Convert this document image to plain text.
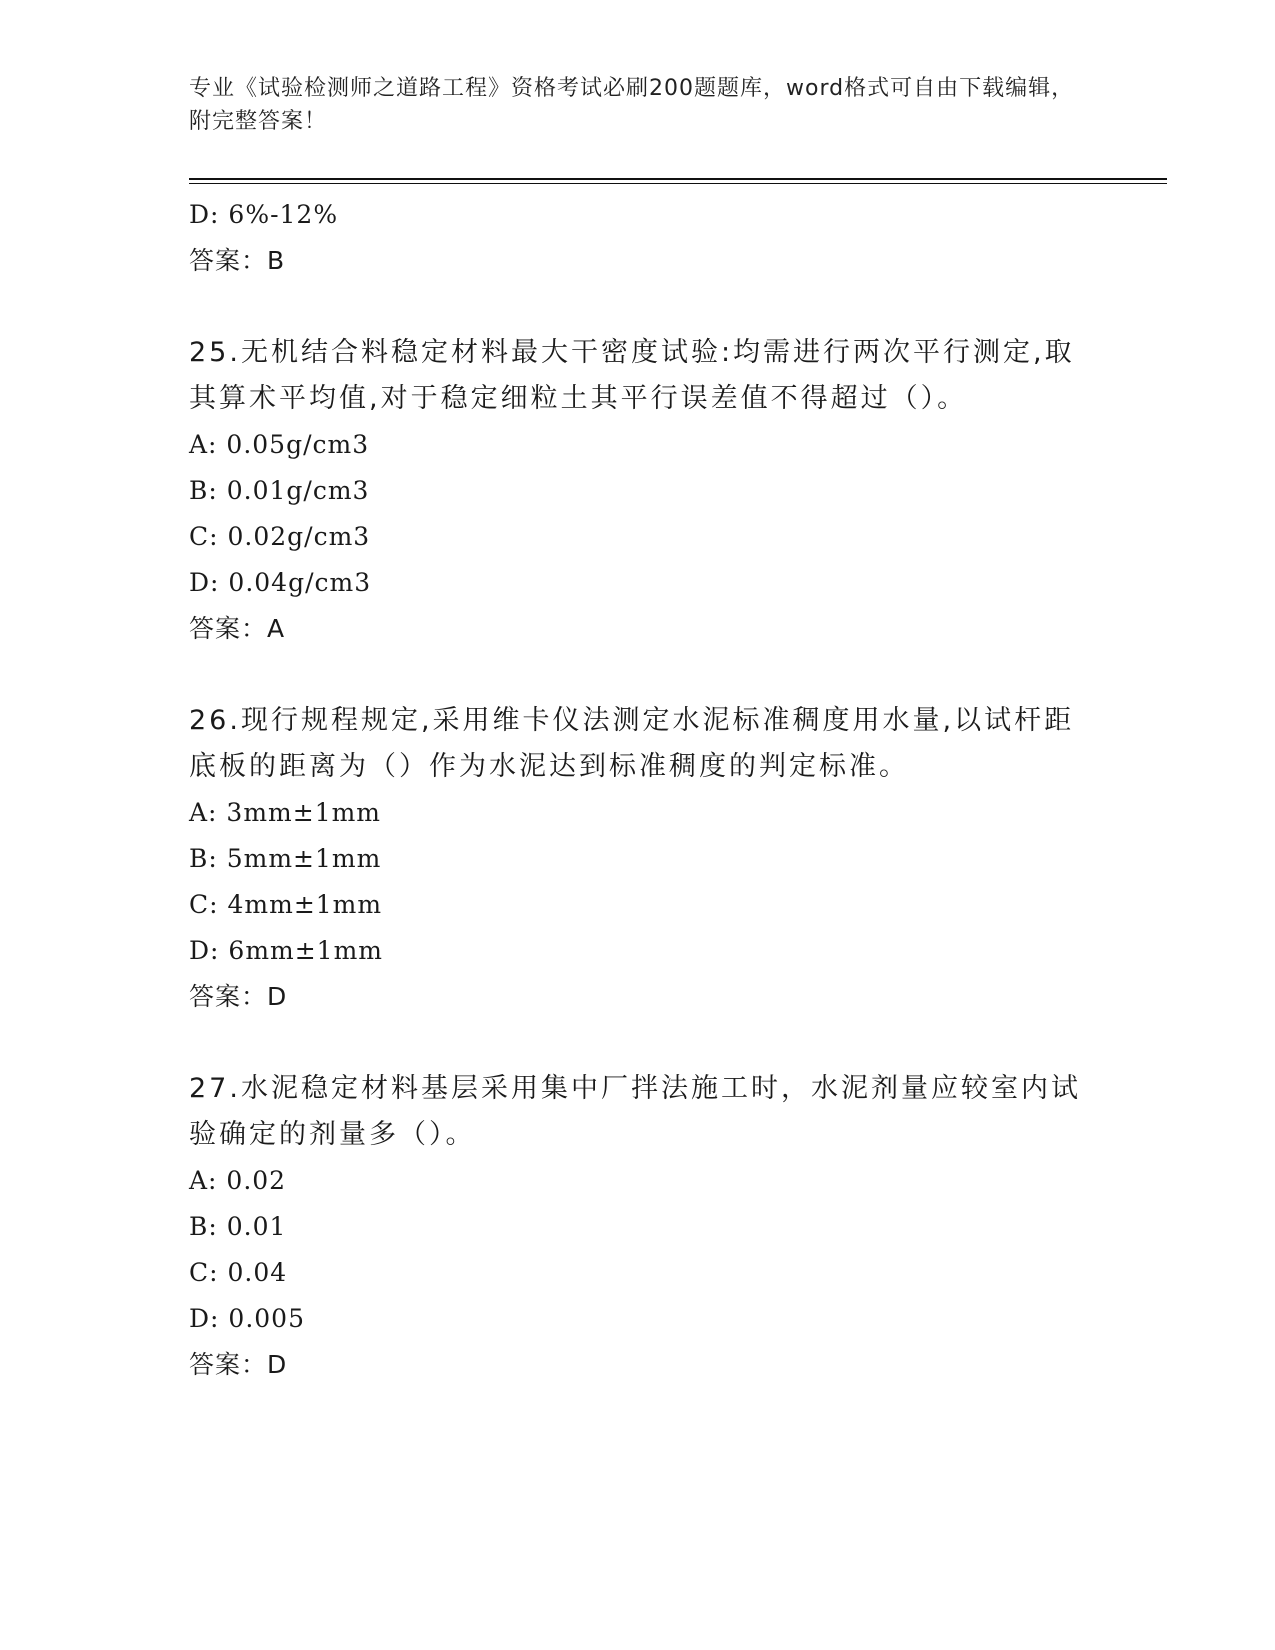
专业《试验检测师之道路工程》资格考试必刷200题题库，word格式可自由下载编辑，附完整答案！
D: 6%-12%
答案：B
25.无机结合料稳定材料最大干密度试验:均需进行两次平行测定,取其算术平均值,对于稳定细粒土其平行误差值不得超过（）。
A: 0.05g/cm3
B: 0.01g/cm3
C: 0.02g/cm3
D: 0.04g/cm3
答案：A
26.现行规程规定,采用维卡仪法测定水泥标准稠度用水量,以试杆距底板的距离为（）作为水泥达到标准稠度的判定标准。
A: 3mm±1mm
B: 5mm±1mm
C: 4mm±1mm
D: 6mm±1mm
答案：D
27.水泥稳定材料基层采用集中厂拌法施工时，水泥剂量应较室内试验确定的剂量多（）。
A: 0.02
B: 0.01
C: 0.04
D: 0.005
答案：D
